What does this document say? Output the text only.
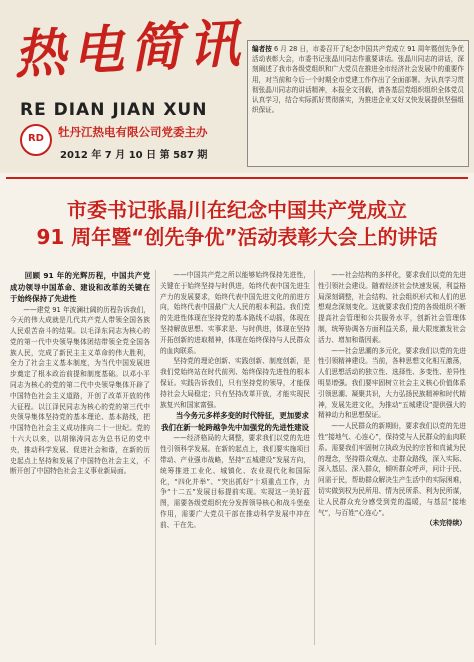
热电简讯
RE DIAN JIAN XUN
RD	牡丹江热电有限公司党委主办
2012 年 7 月 10 日 第 587 期
编者按 6 月 28 日，市委召开了纪念中国共产党成立 91 周年暨创先争优活动表彰大会，市委书记张晶川同志作重要讲话。张晶川同志的讲话，深刻阐述了我市各级党组织和广大党员在推进全市经济社会发展中的重要作用，对当前和今后一个时期全市党建工作作出了全面部署。为认真学习贯彻张晶川同志的讲话精神，本报全文刊载，请各基层党组织组织全体党员认真学习，结合实际抓好贯彻落实，为推进企业又好又快发展提供坚强组织保证。
市委书记张晶川在纪念中国共产党成立
91 周年暨“创先争优”活动表彰大会上的讲话

回顾 91 年的光辉历程，中国共产党成功领导中国革命、建设和改革的关键在于始终保持了先进性

——建党 91 年波澜壮阔的历程告诉我们，今天的伟大成就是几代共产党人带领全国各族人民艰苦奋斗的结果。以毛泽东同志为核心的党的第一代中央领导集体团结带领全党全国各族人民，完成了新民主主义革命的伟大胜利，全力了社会主义基本制度，为当代中国发展进步奠定了根本政治前提和制度基础。以邓小平同志为核心的党的第二代中央领导集体开辟了中国特色社会主义道路，开创了改革开放的伟大征程。以江泽民同志为核心的党的第三代中央领导集体坚持党的基本理论、基本路线，把中国特色社会主义成功推向二十一世纪。党的十六大以来，以胡锦涛同志为总书记的党中央，推动科学发展、促进社会和谐，在新的历史起点上坚持和发展了中国特色社会主义，不断开创了中国特色社会主义事业新局面。

——中国共产党之所以能够始终保持先进性，关键在于始终坚持与时俱进，始终代表中国先进生产力的发展要求，始终代表中国先进文化的前进方向，始终代表中国最广大人民的根本利益。我们党的先进性体现在坚持党的基本路线不动摇，体现在坚持解放思想、实事求是、与时俱进，体现在坚持开拓创新的进取精神，体现在始终保持与人民群众的血肉联系。

坚持党的理论创新、实践创新、制度创新，是我们党始终站在时代前列、始终保持先进性的根本保证。实践告诉我们，只有坚持党的领导，才能保持社会大局稳定；只有坚持改革开放，才能实现民族复兴和国家富强。

当今务元多样多变的时代特征，更加要求我们在新一轮跨越争先中加强党的先进性建设

——经济格局的大调整，要求我们以党的先进性引领科学发展。在新的起点上，我们要实施项目带动、产业强市战略，坚持“五城建设”发展方向，统筹推进工业化、城镇化、农业现代化和国际化，“四化并举”、“突出抓好”十项重点工作，力争“十二五”发展目标提前实现。实现这一美好蓝图，需要各级党组织充分发挥领导核心和战斗堡垒作用，需要广大党员干部在推动科学发展中冲在前、干在先。

——社会结构的多样化，要求我们以党的先进性引领社会建设。随着经济社会快速发展，利益格局深刻调整，社会结构、社会组织形式和人们的思想观念深刻变化。这就要求我们党的各级组织不断提高社会管理和公共服务水平，创新社会管理体制，统筹协调各方面利益关系，最大限度激发社会活力、增加和谐因素。

——社会思潮的多元化，要求我们以党的先进性引领精神建设。当前，各种思想文化相互激荡，人们思想活动的独立性、选择性、多变性、差异性明显增强。我们要牢固树立社会主义核心价值体系引领思潮、凝聚共识，大力弘扬民族精神和时代精神，发展先进文化，为推动“五城建设”提供强大的精神动力和思想保证。

——人民群众的新期盼，要求我们以党的先进性“接地气、心连心”，保持党与人民群众的血肉联系。需要我们牢固树立执政为民的宗旨和真诚为民的理念，坚持群众观点、走群众路线，深入实际、深入基层、深入群众，倾听群众呼声，问计于民、问需于民，帮助群众解决生产生活中的实际困难，切实做到权为民所用、情为民所系、利为民所谋，让人民群众充分感受到党的温暖，与基层“接地气”，与百姓“心连心”。

（未完待续）
